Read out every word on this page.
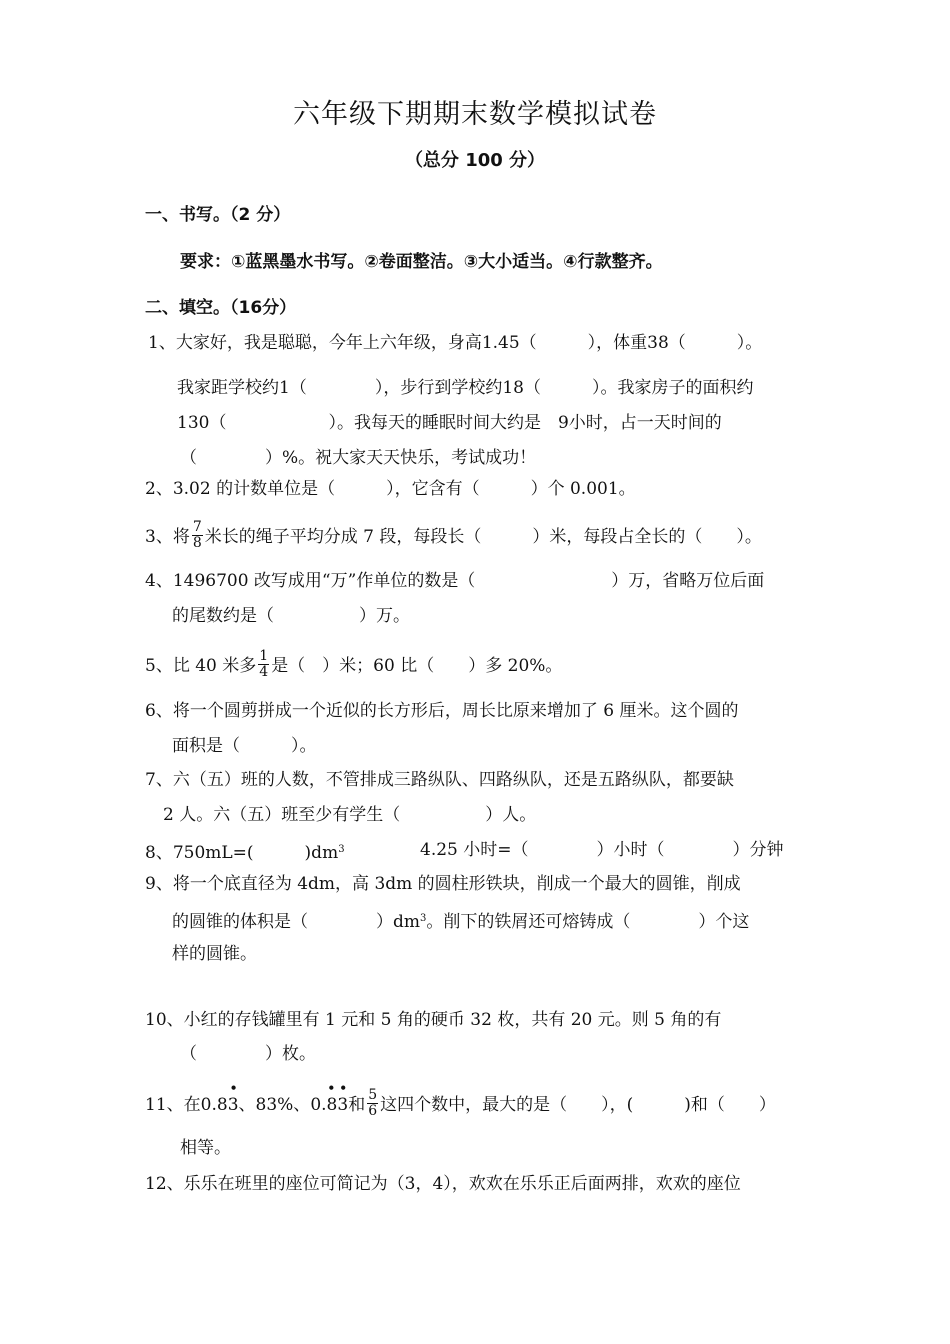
六年级下期期末数学模拟试卷
（总分 100 分）
一、书写。（2 分）
要求：①蓝黑墨水书写。②卷面整洁。③大小适当。④行款整齐。
二、填空。（16分）
1、大家好，我是聪聪，今年上六年级，身高1.45（　　　），体重38（　　　）。
我家距学校约1（　　　　），步行到学校约18（　　　）。我家房子的面积约
130（　　　　　　）。我每天的睡眠时间大约是　9小时，占一天时间的
（　　　　）%。祝大家天天快乐，考试成功！
2、3.02 的计数单位是（　　　），它含有（　　　）个 0.001。
3、将 $\frac{7}{8}$ 米长的绳子平均分成 7 段，每段长（　　　）米，每段占全长的（　　）。
4、1496700 改写成用“万”作单位的数是（　　　　　　　　）万，省略万位后面
的尾数约是（　　　　　）万。
5、比 40 米多 $\frac{1}{4}$ 是（　）米；60 比（　　）多 20%。
6、将一个圆剪拼成一个近似的长方形后，周长比原来增加了 6 厘米。这个圆的
面积是（　　　）。
7、六（五）班的人数，不管排成三路纵队、四路纵队，还是五路纵队，都要缺
2 人。六（五）班至少有学生（　　　　　）人。
8、750mL=(　　　)$dm^3$	4.25 小时=（　　　　）小时（　　　　）分钟
9、将一个底直径为 4dm，高 3dm 的圆柱形铁块，削成一个最大的圆锥，削成
的圆锥的体积是（　　　　）$dm^3$。削下的铁屑还可熔铸成（　　　　）个这
样的圆锥。
10、小红的存钱罐里有 1 元和 5 角的硬币 32 枚，共有 20 元。则 5 角的有
（　　　　）枚。
11、在0.8
•
3、83%、0.
• •
83和 $\frac{5}{6}$ 这四个数中，最大的是（　　），(　　　)和（　　）
相等。
12、乐乐在班里的座位可简记为（3，4），欢欢在乐乐正后面两排，欢欢的座位
